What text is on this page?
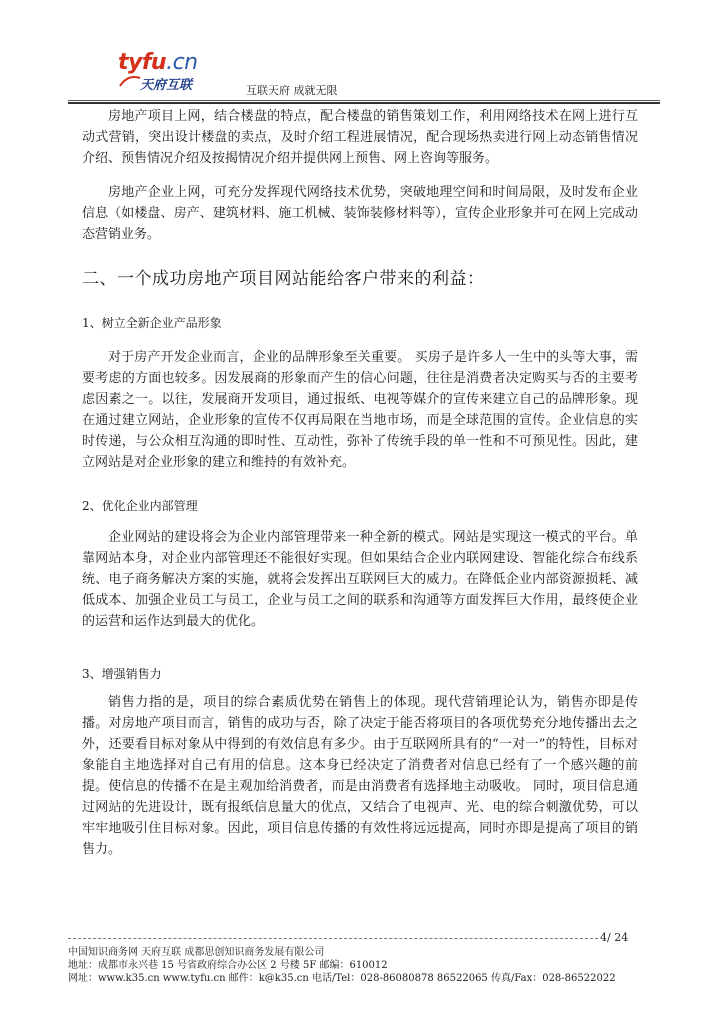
tyfu.cn
天府互联	互联天府 成就无限

房地产项目上网，结合楼盘的特点，配合楼盘的销售策划工作，利用网络技术在网上进行互动式营销，突出设计楼盘的卖点，及时介绍工程进展情况，配合现场热卖进行网上动态销售情况介绍、预售情况介绍及按揭情况介绍并提供网上预售、网上咨询等服务。

房地产企业上网，可充分发挥现代网络技术优势，突破地理空间和时间局限，及时发布企业信息（如楼盘、房产、建筑材料、施工机械、装饰装修材料等），宣传企业形象并可在网上完成动态营销业务。

二、一个成功房地产项目网站能给客户带来的利益：
1、树立全新企业产品形象

对于房产开发企业而言，企业的品牌形象至关重要。 买房子是许多人一生中的头等大事，需要考虑的方面也较多。因发展商的形象而产生的信心问题，往往是消费者决定购买与否的主要考虑因素之一。以往，发展商开发项目，通过报纸、电视等媒介的宣传来建立自己的品牌形象。现在通过建立网站，企业形象的宣传不仅再局限在当地市场，而是全球范围的宣传。企业信息的实时传递，与公众相互沟通的即时性、互动性，弥补了传统手段的单一性和不可预见性。因此，建立网站是对企业形象的建立和维持的有效补充。

2、优化企业内部管理

企业网站的建设将会为企业内部管理带来一种全新的模式。网站是实现这一模式的平台。单靠网站本身，对企业内部管理还不能很好实现。但如果结合企业内联网建设、智能化综合布线系统、电子商务解决方案的实施，就将会发挥出互联网巨大的威力。在降低企业内部资源损耗、减低成本、加强企业员工与员工，企业与员工之间的联系和沟通等方面发挥巨大作用，最终使企业的运营和运作达到最大的优化。

3、增强销售力

销售力指的是，项目的综合素质优势在销售上的体现。现代营销理论认为，销售亦即是传播。对房地产项目而言，销售的成功与否，除了决定于能否将项目的各项优势充分地传播出去之外，还要看目标对象从中得到的有效信息有多少。由于互联网所具有的“一对一”的特性，目标对象能自主地选择对自己有用的信息。这本身已经决定了消费者对信息已经有了一个感兴趣的前提。使信息的传播不在是主观加给消费者，而是由消费者有选择地主动吸收。 同时，项目信息通过网站的先进设计，既有报纸信息量大的优点，又结合了电视声、光、电的综合刺激优势，可以牢牢地吸引住目标对象。因此，项目信息传播的有效性将远远提高，同时亦即是提高了项目的销售力。

4/ 24

中国知识商务网 天府互联 成都思创知识商务发展有限公司

地址：成都市永兴巷 15 号省政府综合办公区 2 号楼 5F 邮编：610012

网址：www.k35.cn www.tyfu.cn 邮件：k@k35.cn 电话/Tel：028-86080878 86522065 传真/Fax：028-86522022
